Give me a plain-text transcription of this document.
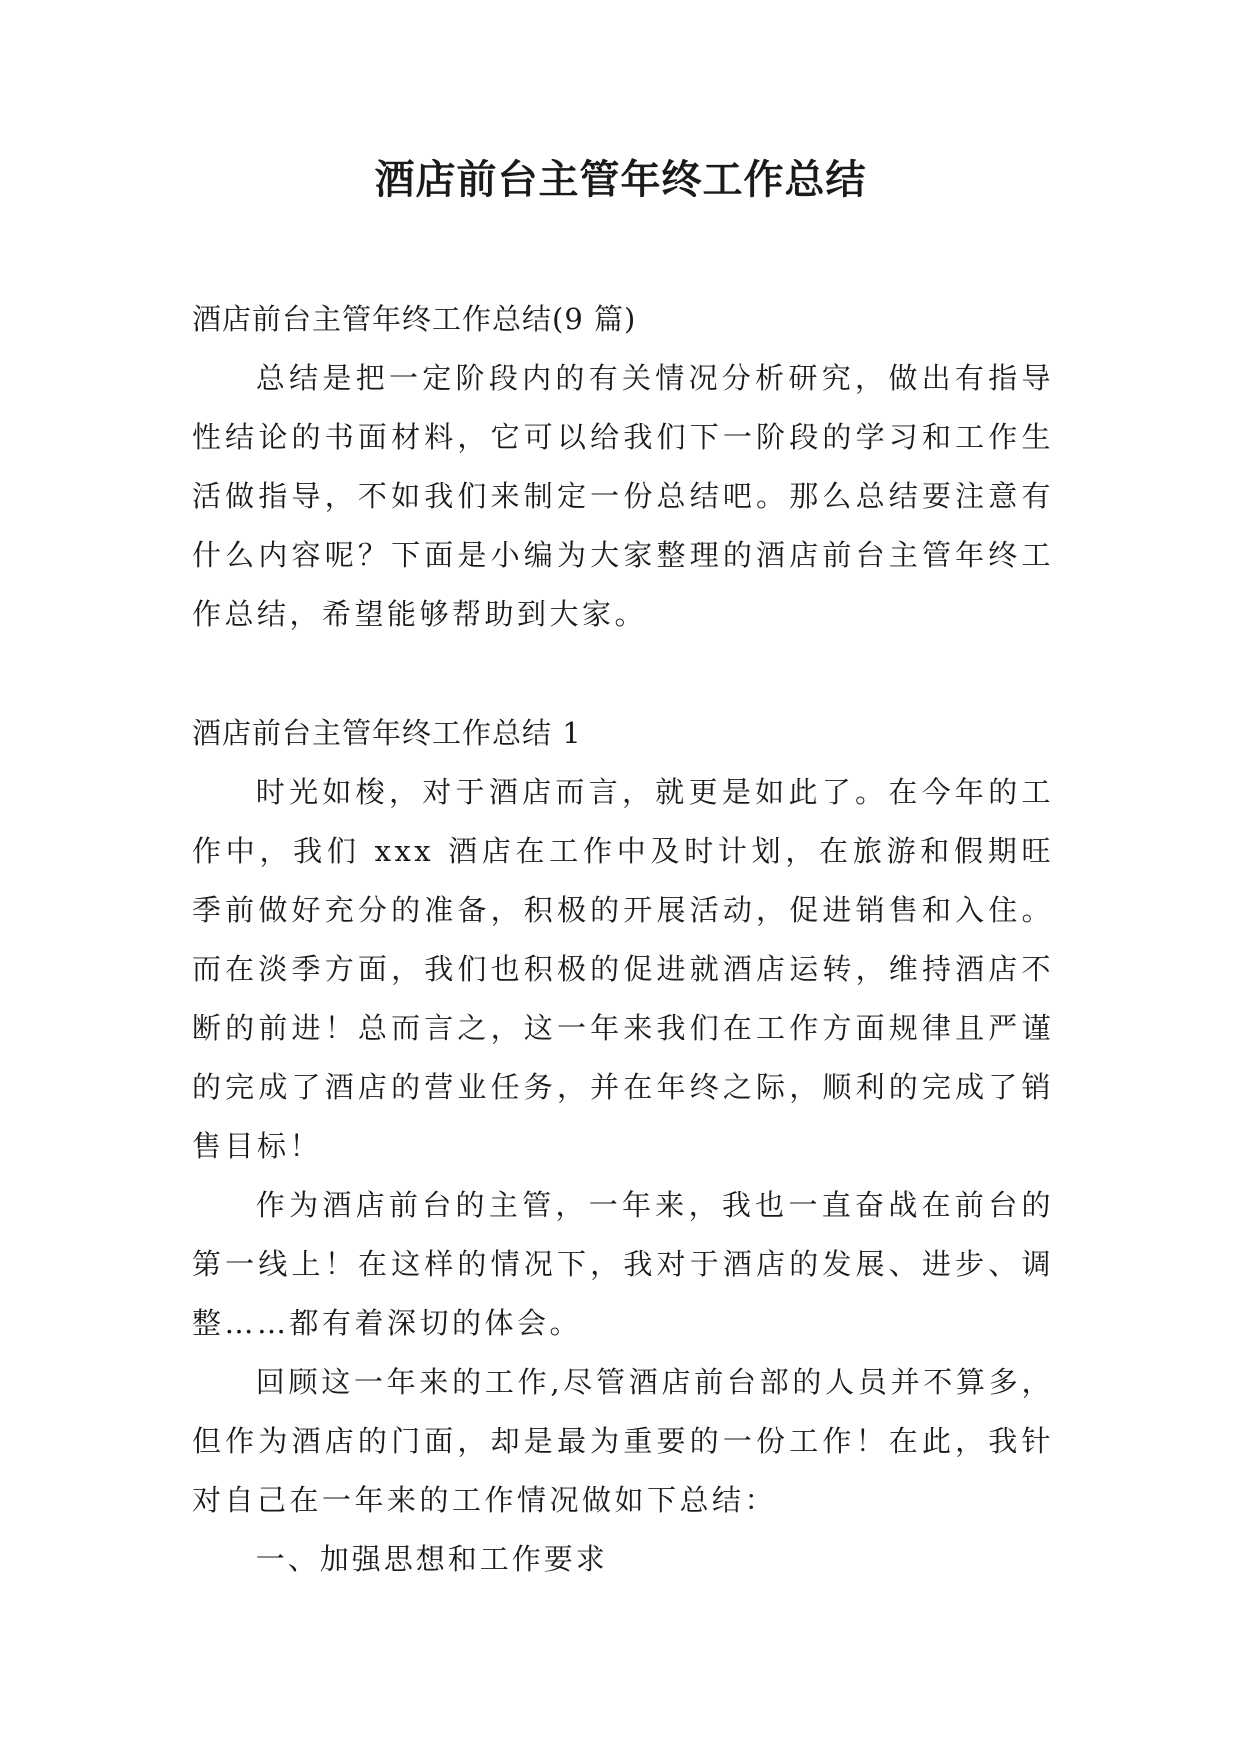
酒店前台主管年终工作总结

酒店前台主管年终工作总结(9 篇)

总结是把一定阶段内的有关情况分析研究，做出有指导性结论的书面材料，它可以给我们下一阶段的学习和工作生活做指导，不如我们来制定一份总结吧。那么总结要注意有什么内容呢？下面是小编为大家整理的酒店前台主管年终工作总结，希望能够帮助到大家。

酒店前台主管年终工作总结 1

时光如梭，对于酒店而言，就更是如此了。在今年的工作中，我们 xxx 酒店在工作中及时计划，在旅游和假期旺季前做好充分的准备，积极的开展活动，促进销售和入住。而在淡季方面，我们也积极的促进就酒店运转，维持酒店不断的前进！总而言之，这一年来我们在工作方面规律且严谨的完成了酒店的营业任务，并在年终之际，顺利的完成了销售目标！

作为酒店前台的主管，一年来，我也一直奋战在前台的第一线上！在这样的情况下，我对于酒店的发展、进步、调整……都有着深切的体会。

回顾这一年来的工作,尽管酒店前台部的人员并不算多，但作为酒店的门面，却是最为重要的一份工作！在此，我针对自己在一年来的工作情况做如下总结：

一、加强思想和工作要求
